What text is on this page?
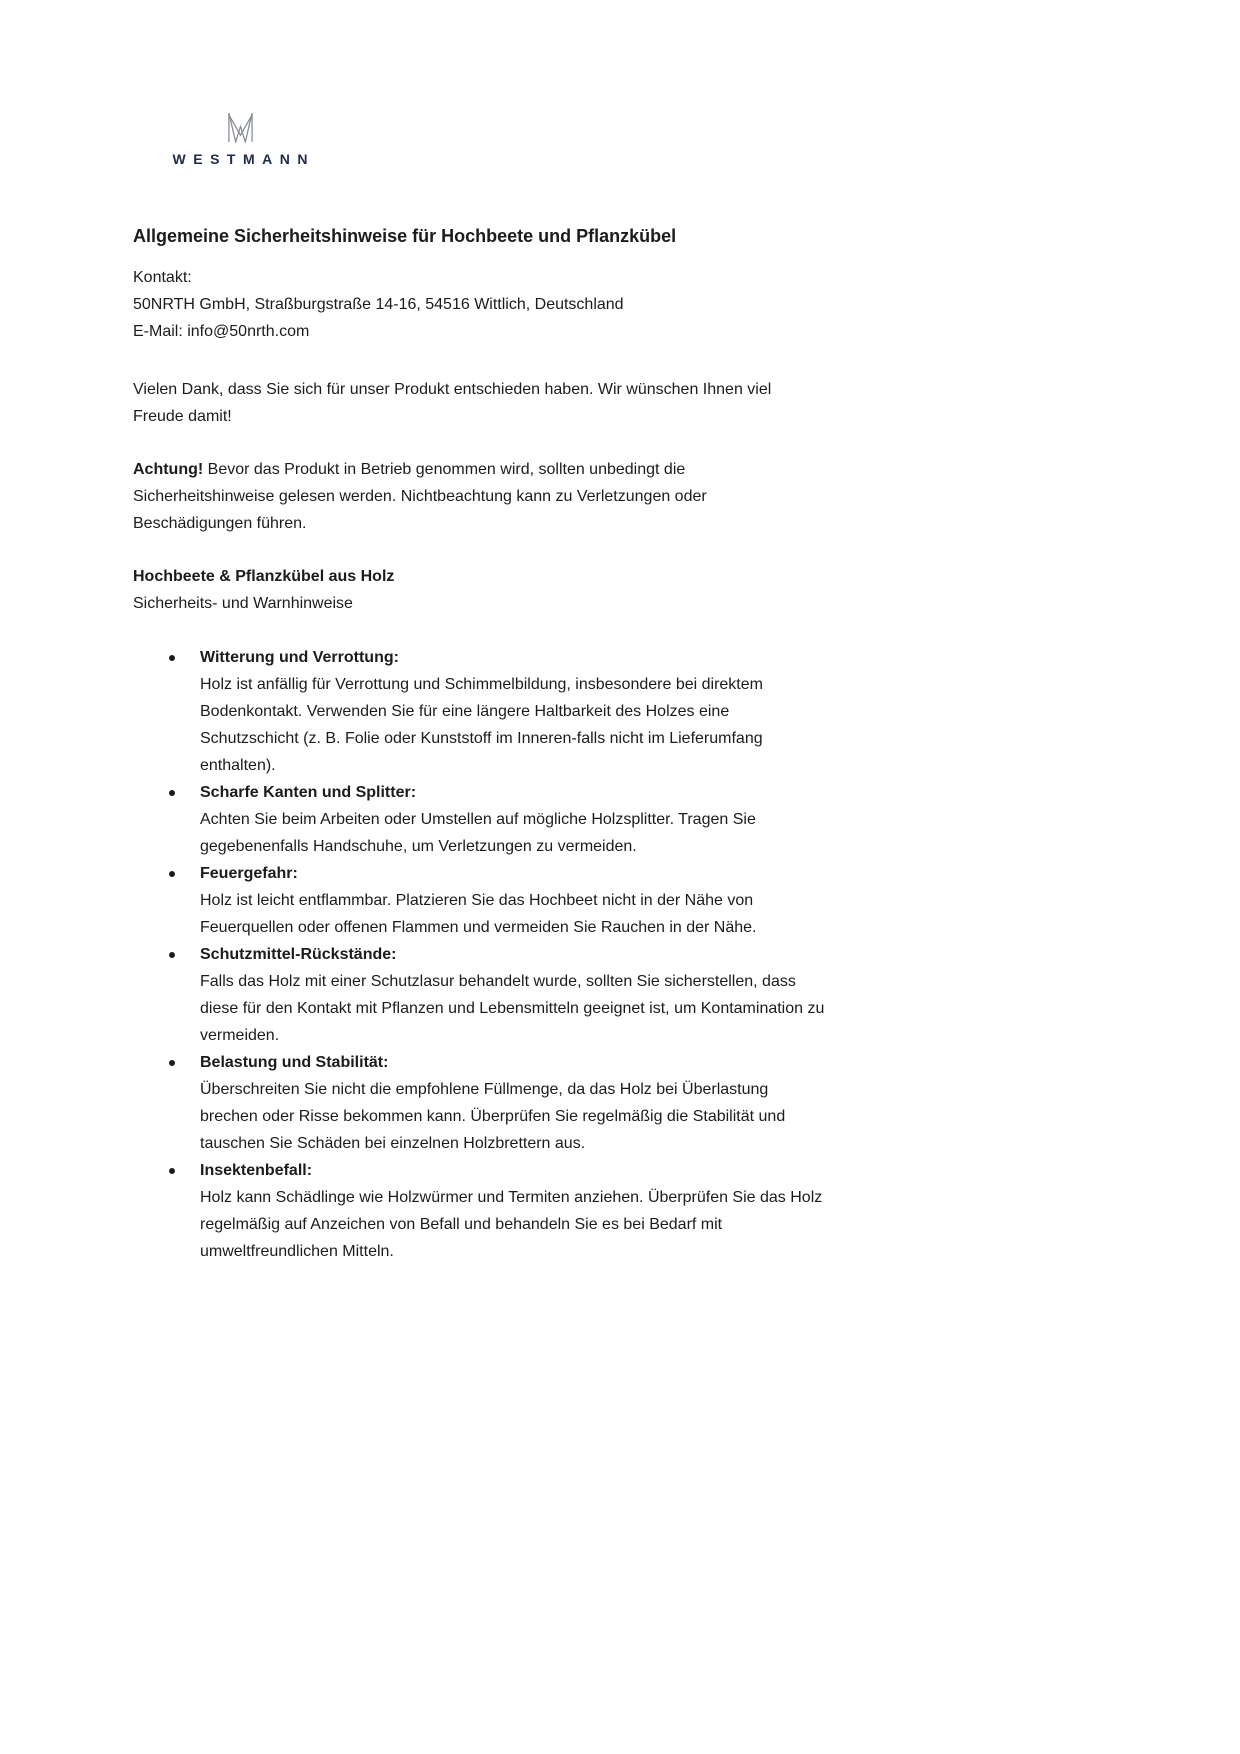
WESTMANN
Allgemeine Sicherheitshinweise für Hochbeete und Pflanzkübel
Kontakt:
50NRTH GmbH, Straßburgstraße 14-16, 54516 Wittlich, Deutschland
E-Mail: info@50nrth.com
Vielen Dank, dass Sie sich für unser Produkt entschieden haben. Wir wünschen Ihnen viel
Freude damit!
Achtung! Bevor das Produkt in Betrieb genommen wird, sollten unbedingt die
Sicherheitshinweise gelesen werden. Nichtbeachtung kann zu Verletzungen oder
Beschädigungen führen.
Hochbeete & Pflanzkübel aus Holz
Sicherheits- und Warnhinweise
Witterung und Verrottung:
Holz ist anfällig für Verrottung und Schimmelbildung, insbesondere bei direktem
Bodenkontakt. Verwenden Sie für eine längere Haltbarkeit des Holzes eine
Schutzschicht (z. B. Folie oder Kunststoff im Inneren-falls nicht im Lieferumfang
enthalten).
Scharfe Kanten und Splitter:
Achten Sie beim Arbeiten oder Umstellen auf mögliche Holzsplitter. Tragen Sie
gegebenenfalls Handschuhe, um Verletzungen zu vermeiden.
Feuergefahr:
Holz ist leicht entflammbar. Platzieren Sie das Hochbeet nicht in der Nähe von
Feuerquellen oder offenen Flammen und vermeiden Sie Rauchen in der Nähe.
Schutzmittel-Rückstände:
Falls das Holz mit einer Schutzlasur behandelt wurde, sollten Sie sicherstellen, dass
diese für den Kontakt mit Pflanzen und Lebensmitteln geeignet ist, um Kontamination zu
vermeiden.
Belastung und Stabilität:
Überschreiten Sie nicht die empfohlene Füllmenge, da das Holz bei Überlastung
brechen oder Risse bekommen kann. Überprüfen Sie regelmäßig die Stabilität und
tauschen Sie Schäden bei einzelnen Holzbrettern aus.
Insektenbefall:
Holz kann Schädlinge wie Holzwürmer und Termiten anziehen. Überprüfen Sie das Holz
regelmäßig auf Anzeichen von Befall und behandeln Sie es bei Bedarf mit
umweltfreundlichen Mitteln.
